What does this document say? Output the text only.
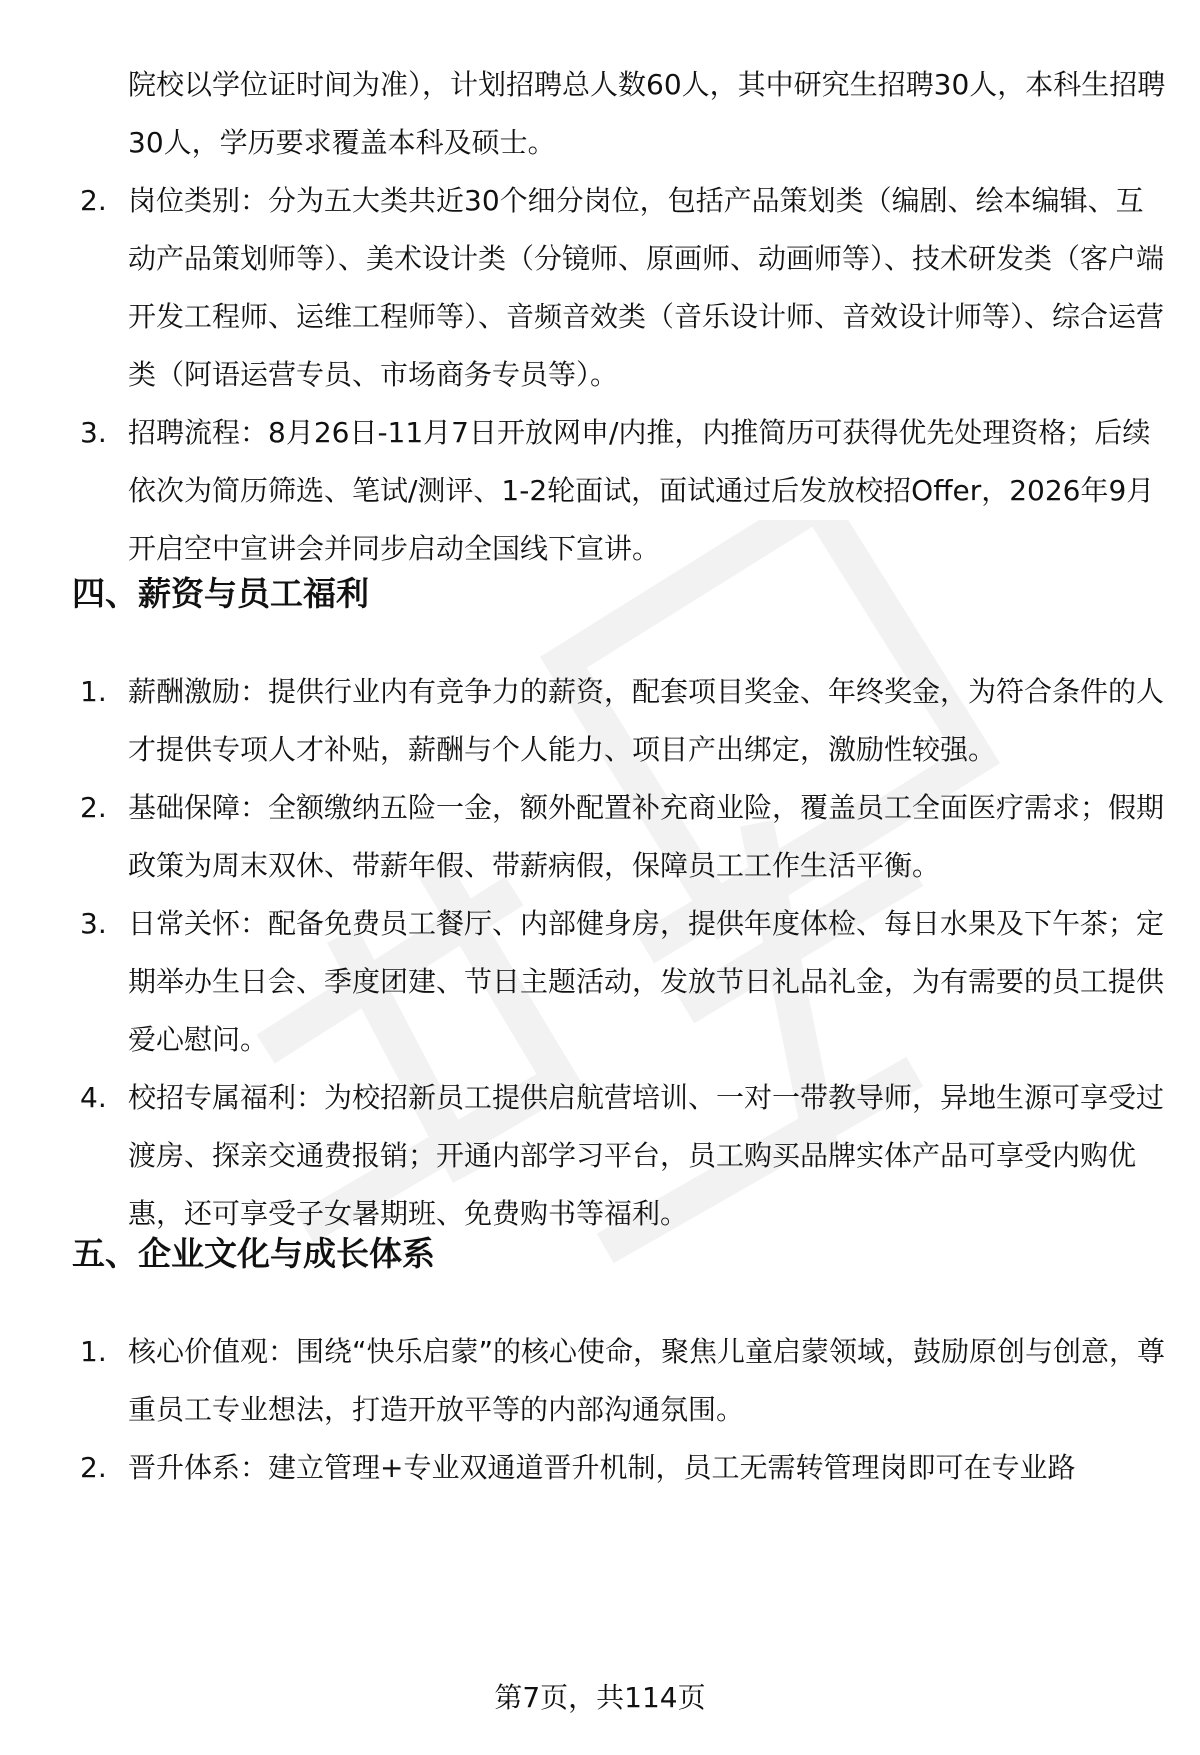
院校以学位证时间为准），计划招聘总人数60人，其中研究生招聘30人，本科生招聘30人，学历要求覆盖本科及硕士。

2. 岗位类别：分为五大类共近30个细分岗位，包括产品策划类（编剧、绘本编辑、互动产品策划师等）、美术设计类（分镜师、原画师、动画师等）、技术研发类（客户端开发工程师、运维工程师等）、音频音效类（音乐设计师、音效设计师等）、综合运营类（阿语运营专员、市场商务专员等）。
3. 招聘流程：8月26日-11月7日开放网申/内推，内推简历可获得优先处理资格；后续依次为简历筛选、笔试/测评、1-2轮面试，面试通过后发放校招Offer，2026年9月开启空中宣讲会并同步启动全国线下宣讲。
四、薪资与员工福利
1. 薪酬激励：提供行业内有竞争力的薪资，配套项目奖金、年终奖金，为符合条件的人才提供专项人才补贴，薪酬与个人能力、项目产出绑定，激励性较强。
2. 基础保障：全额缴纳五险一金，额外配置补充商业险，覆盖员工全面医疗需求；假期政策为周末双休、带薪年假、带薪病假，保障员工工作生活平衡。
3. 日常关怀：配备免费员工餐厅、内部健身房，提供年度体检、每日水果及下午茶；定期举办生日会、季度团建、节日主题活动，发放节日礼品礼金，为有需要的员工提供爱心慰问。
4. 校招专属福利：为校招新员工提供启航营培训、一对一带教导师，异地生源可享受过渡房、探亲交通费报销；开通内部学习平台，员工购买品牌实体产品可享受内购优惠，还可享受子女暑期班、免费购书等福利。
五、企业文化与成长体系
1. 核心价值观：围绕“快乐启蒙”的核心使命，聚焦儿童启蒙领域，鼓励原创与创意，尊重员工专业想法，打造开放平等的内部沟通氛围。
2. 晋升体系：建立管理+专业双通道晋升机制，员工无需转管理岗即可在专业路
第7页，共114页
